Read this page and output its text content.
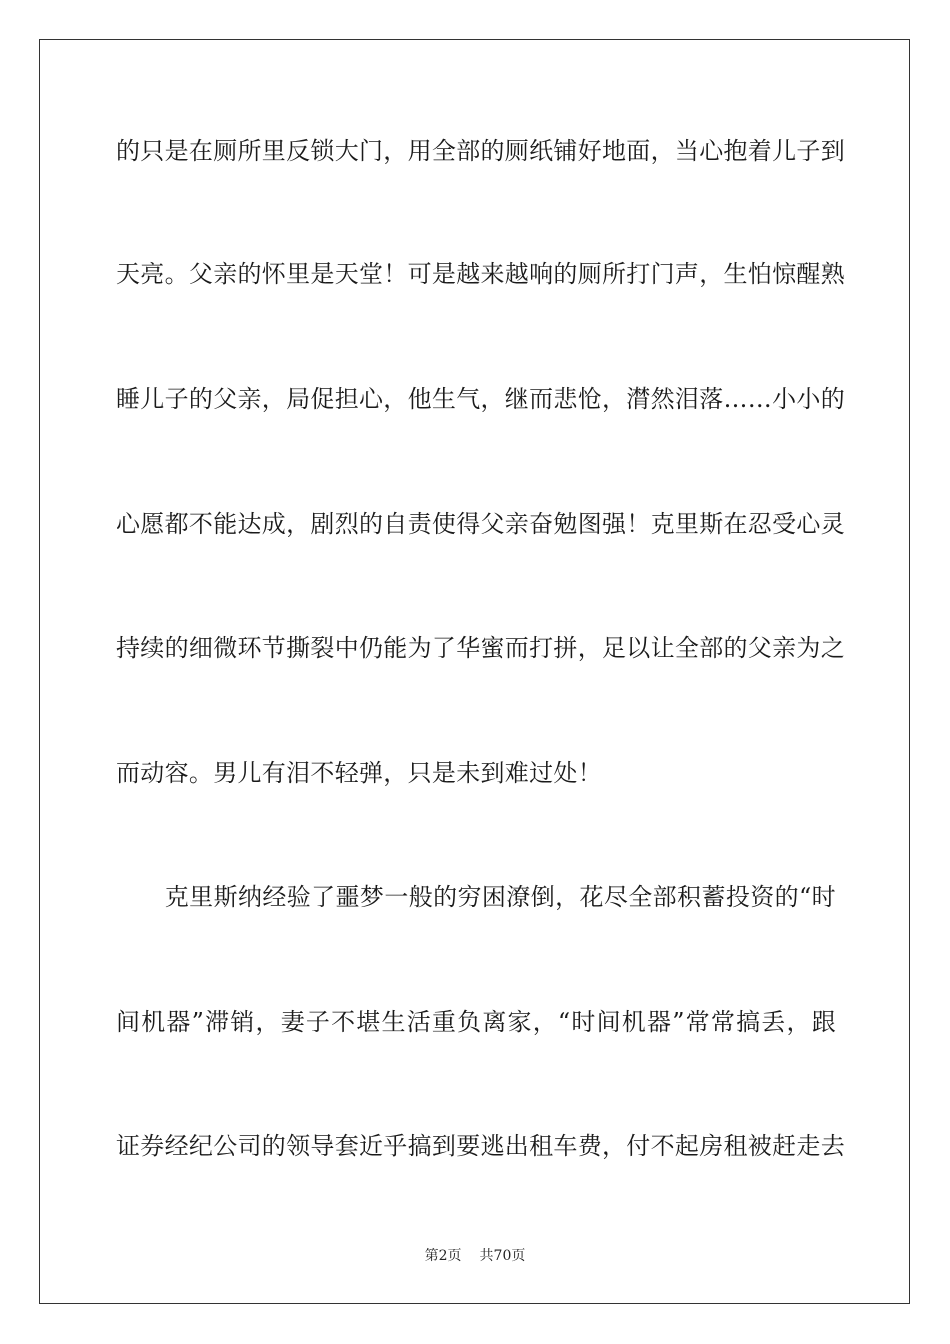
的只是在厕所里反锁大门，用全部的厕纸铺好地面，当心抱着儿子到
天亮。父亲的怀里是天堂！可是越来越响的厕所打门声，生怕惊醒熟
睡儿子的父亲，局促担心，他生气，继而悲怆，潸然泪落……小小的
心愿都不能达成，剧烈的自责使得父亲奋勉图强！克里斯在忍受心灵
持续的细微环节撕裂中仍能为了华蜜而打拼，足以让全部的父亲为之
而动容。男儿有泪不轻弹，只是未到难过处！
　　克里斯纳经验了噩梦一般的穷困潦倒，花尽全部积蓄投资的“时
间机器”滞销，妻子不堪生活重负离家，“时间机器”常常搞丢，跟
证券经纪公司的领导套近乎搞到要逃出租车费，付不起房租被赶走去
第2页 共70页
